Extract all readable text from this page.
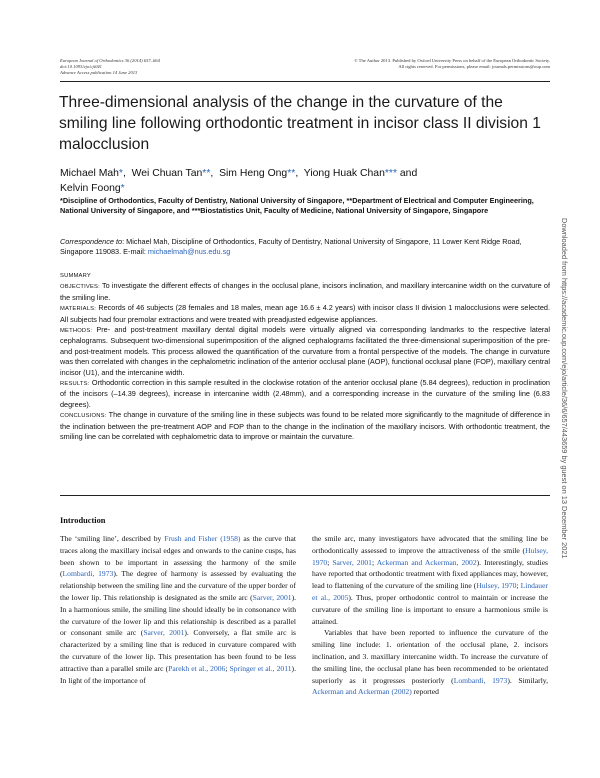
European Journal of Orthodontics 36 (2014) 657–664
doi:10.1093/ejo/cjt041
Advance Access publication 14 June 2013
© The Author 2013. Published by Oxford University Press on behalf of the European Orthodontic Society.
All rights reserved. For permissions, please email: journals.permissions@oup.com
Three-dimensional analysis of the change in the curvature of the smiling line following orthodontic treatment in incisor class II division 1 malocclusion
Michael Mah*,  Wei Chuan Tan**,  Sim Heng Ong**,  Yiong Huak Chan*** and
Kelvin Foong*
*Discipline of Orthodontics, Faculty of Dentistry, National University of Singapore, **Department of Electrical and Computer Engineering, National University of Singapore, and ***Biostatistics Unit, Faculty of Medicine, National University of Singapore, Singapore
Correspondence to: Michael Mah, Discipline of Orthodontics, Faculty of Dentistry, National University of Singapore, 11 Lower Kent Ridge Road, Singapore 119083. E-mail: michaelmah@nus.edu.sg

SUMMARY

OBJECTIVES: To investigate the different effects of changes in the occlusal plane, incisors inclination, and maxillary intercanine width on the curvature of the smiling line.

MATERIALS: Records of 46 subjects (28 females and 18 males, mean age 16.6 ± 4.2 years) with incisor class II division 1 malocclusions were selected. All subjects had four premolar extractions and were treated with preadjusted edgewise appliances.

METHODS: Pre- and post-treatment maxillary dental digital models were virtually aligned via corresponding landmarks to the respective lateral cephalograms. Subsequent two-dimensional superimposition of the aligned cephalograms facilitated the three-dimensional superimposition of the pre- and post-treatment models. This process allowed the quantification of the curvature from a frontal perspective of the models. The change in curvature was then correlated with changes in the cephalometric inclination of the anterior occlusal plane (AOP), functional occlusal plane (FOP), maxillary central incisor (U1), and the intercanine width.

RESULTS: Orthodontic correction in this sample resulted in the clockwise rotation of the anterior occlusal plane (5.84 degrees), reduction in proclination of the incisors (–14.39 degrees), increase in intercanine width (2.48mm), and a corresponding increase in the curvature of the smiling line (6.83 degrees).

CONCLUSIONS: The change in curvature of the smiling line in these subjects was found to be related more significantly to the magnitude of difference in the inclination between the pre-treatment AOP and FOP than to the change in the inclination of the maxillary incisors. With orthodontic treatment, the smiling line can be correlated with cephalometric data to improve or maintain the curvature.

Introduction

The ‘smiling line’, described by Frush and Fisher (1958) as the curve that traces along the maxillary incisal edges and onwards to the canine cusps, has been shown to be important in assessing the harmony of the smile (Lombardi, 1973). The degree of harmony is assessed by evaluating the relationship between the smiling line and the curvature of the upper border of the lower lip. This relationship is designated as the smile arc (Sarver, 2001). In a harmonious smile, the smiling line should ideally be in consonance with the curvature of the lower lip and this relationship is described as a parallel or consonant smile arc (Sarver, 2001). Conversely, a flat smile arc is characterized by a smiling line that is reduced in curvature compared with the curvature of the lower lip. This presentation has been found to be less attractive than a parallel smile arc (Parekh et al., 2006; Springer et al., 2011). In light of the importance of

the smile arc, many investigators have advocated that the smiling line be orthodontically assessed to improve the attractiveness of the smile (Hulsey, 1970; Sarver, 2001; Ackerman and Ackerman, 2002). Interestingly, studies have reported that orthodontic treatment with fixed appliances may, however, lead to flattening of the curvature of the smiling line (Hulsey, 1970; Lindauer et al., 2005). Thus, proper orthodontic control to maintain or increase the curvature of the smiling line is important to ensure a harmonious smile is attained.

Variables that have been reported to influence the curvature of the smiling line include: 1. orientation of the occlusal plane, 2. incisors inclination, and 3. maxillary intercanine width. To increase the curvature of the smiling line, the occlusal plane has been recommended to be orientated superiorly as it progresses posteriorly (Lombardi, 1973). Similarly, Ackerman and Ackerman (2002) reported

Downloaded from https://academic.oup.com/ejo/article/36/6/657/443659 by guest on 13 December 2021
